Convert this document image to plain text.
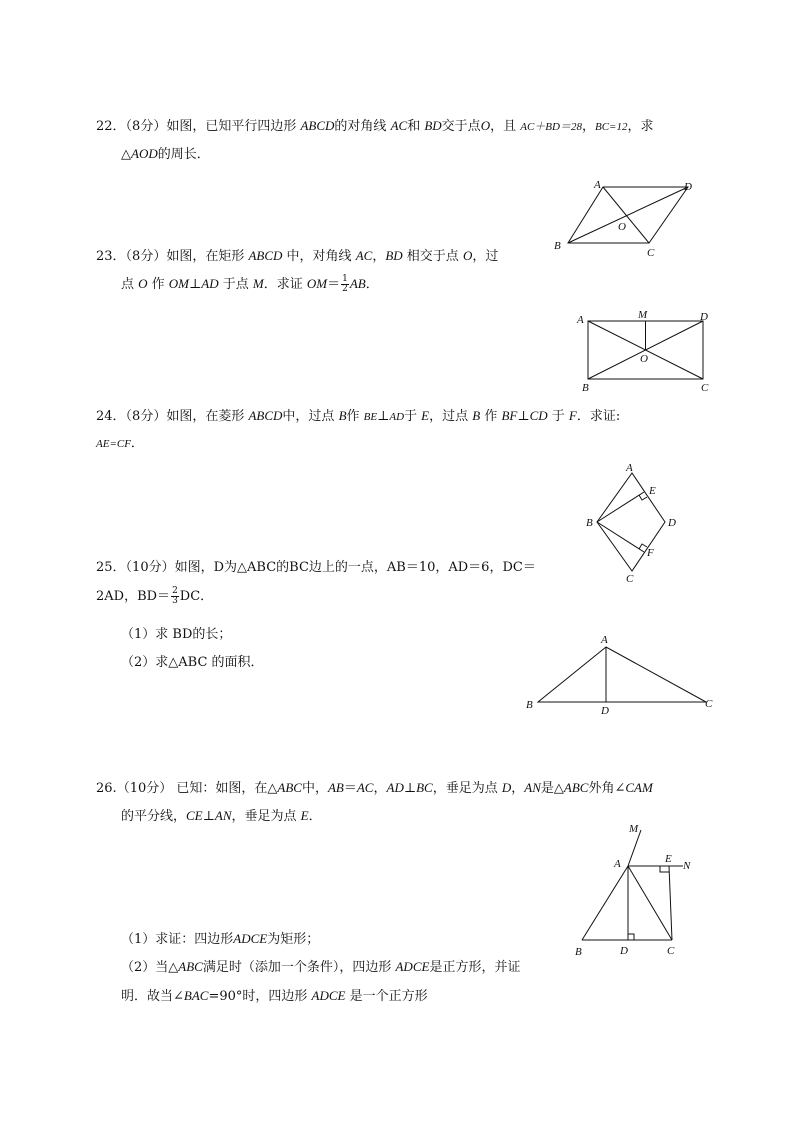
22．（8分）如图，已知平行四边形 ABCD的对角线 AC和 BD交于点O，且 AC＋BD＝28，BC=12，求
△AOD的周长．
A	D
O
B
C
23．（8分）如图，在矩形 ABCD 中，对角线 AC，BD 相交于点 O，过
点 O 作 OM⊥AD 于点 M．求证 $OM= \frac{1}{2}$ AB．
A	M	D
O
B	C
24．（8分）如图，在菱形 ABCD中，过点 B作 BE⊥AD于 E，过点 B 作 BF⊥CD 于 F．求证:
AE=CF．
A
E
B	D
F
C
25．（10分）如图，D为△ABC的BC边上的一点，AB＝10，AD＝6，DC＝
2AD，$BD= \frac{2}{3}$ DC．
（1）求 BD的长；
（2）求△ABC 的面积．
A
B	D
C
26.（10分） 已知：如图，在△ABC中，AB＝AC，AD⊥BC，垂足为点 D，AN是△ABC外角∠CAM
的平分线，CE⊥AN，垂足为点 E．
（1）求证：四边形ADCE为矩形；
（2）当△ABC满足时（添加一个条件），四边形 ADCE是正方形，并证
明．故当∠BAC=90°时，四边形 ADCE 是一个正方形
M
A	E
N
B	D	C
